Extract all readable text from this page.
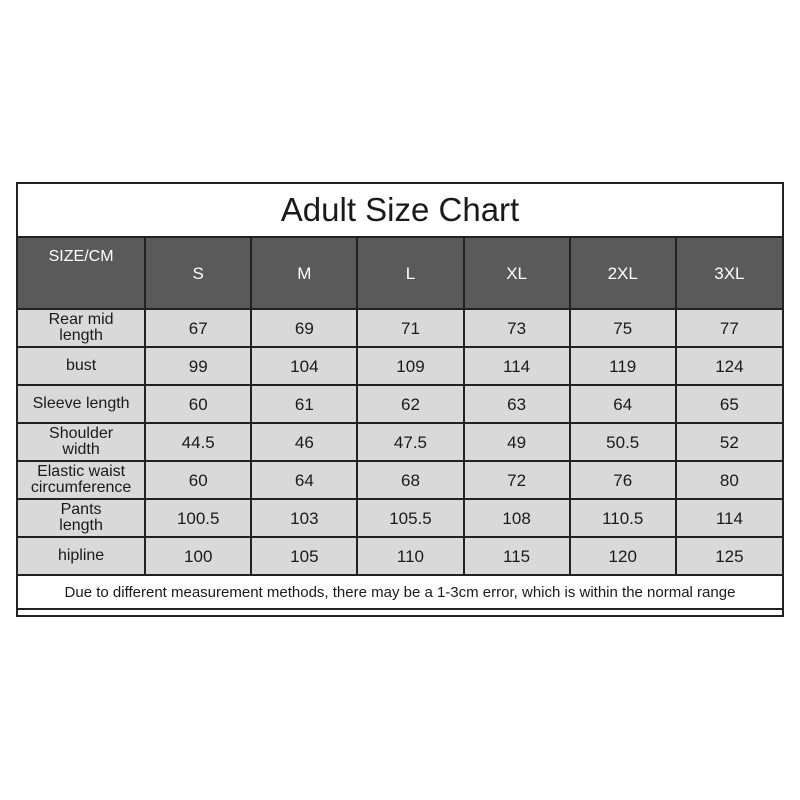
Adult Size Chart
SIZE/CM	S	M	L	XL	2XL	3XL
Rear mid
length	67	69	71	73	75	77
bust	99	104	109	114	119	124
Sleeve length	60	61	62	63	64	65
Shoulder
width	44.5	46	47.5	49	50.5	52
Elastic waist
circumference	60	64	68	72	76	80
Pants
length	100.5	103	105.5	108	110.5	114
hipline	100	105	110	115	120	125
Due to different measurement methods, there may be a 1-3cm error, which is within the normal range						
